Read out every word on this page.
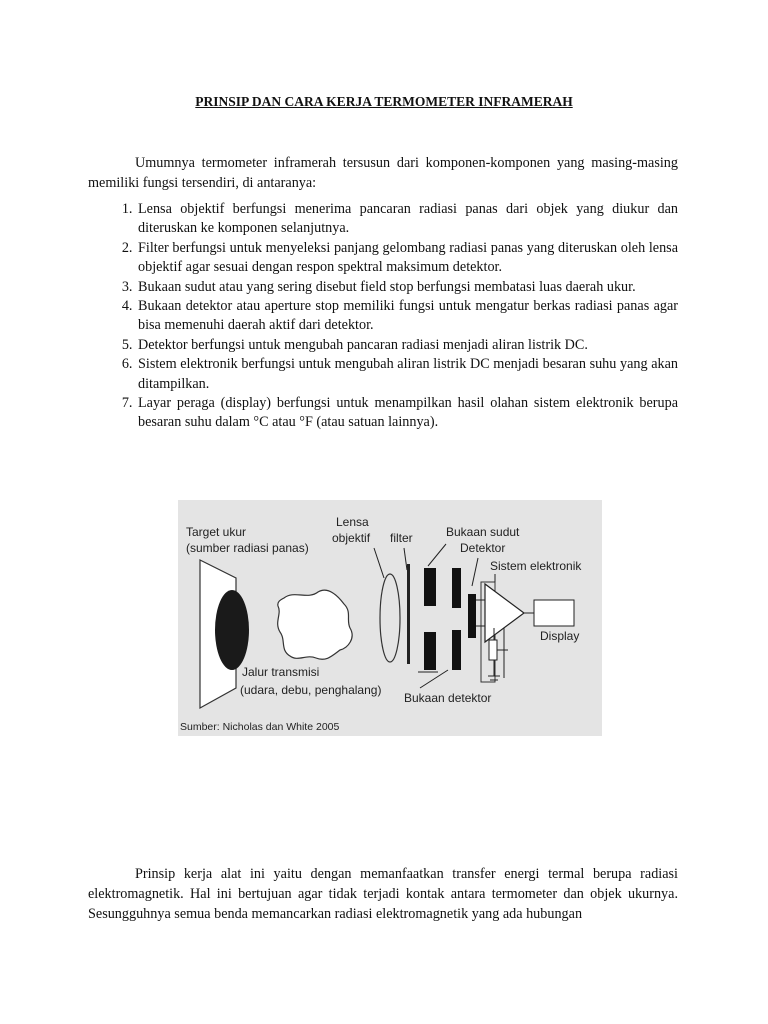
PRINSIP DAN CARA KERJA TERMOMETER INFRAMERAH

Umumnya termometer inframerah tersusun dari komponen-komponen yang masing-masing memiliki fungsi tersendiri, di antaranya:

1. Lensa objektif berfungsi menerima pancaran radiasi panas dari objek yang diukur dan diteruskan ke komponen selanjutnya.
2. Filter berfungsi untuk menyeleksi panjang gelombang radiasi panas yang diteruskan oleh lensa objektif agar sesuai dengan respon spektral maksimum detektor.
3. Bukaan sudut atau yang sering disebut field stop berfungsi membatasi luas daerah ukur.
4. Bukaan detektor atau aperture stop memiliki fungsi untuk mengatur berkas radiasi panas agar bisa memenuhi daerah aktif dari detektor.
5. Detektor berfungsi untuk mengubah pancaran radiasi menjadi aliran listrik DC.
6. Sistem elektronik berfungsi untuk mengubah aliran listrik DC menjadi besaran suhu yang akan ditampilkan.
7. Layar peraga (display) berfungsi untuk menampilkan hasil olahan sistem elektronik berupa besaran suhu dalam °C atau °F (atau satuan lainnya).
Target ukur
(sumber radiasi panas)
Lensa
objektif filter	Bukaan sudut
Detektor
Sistem elektronik
Display
Jalur transmisi
(udara, debu, penghalang)
Bukaan detektor
Sumber: Nicholas dan White 2005

Prinsip kerja alat ini yaitu dengan memanfaatkan transfer energi termal berupa radiasi elektromagnetik. Hal ini bertujuan agar tidak terjadi kontak antara termometer dan objek ukurnya. Sesungguhnya semua benda memancarkan radiasi elektromagnetik yang ada hubungan
